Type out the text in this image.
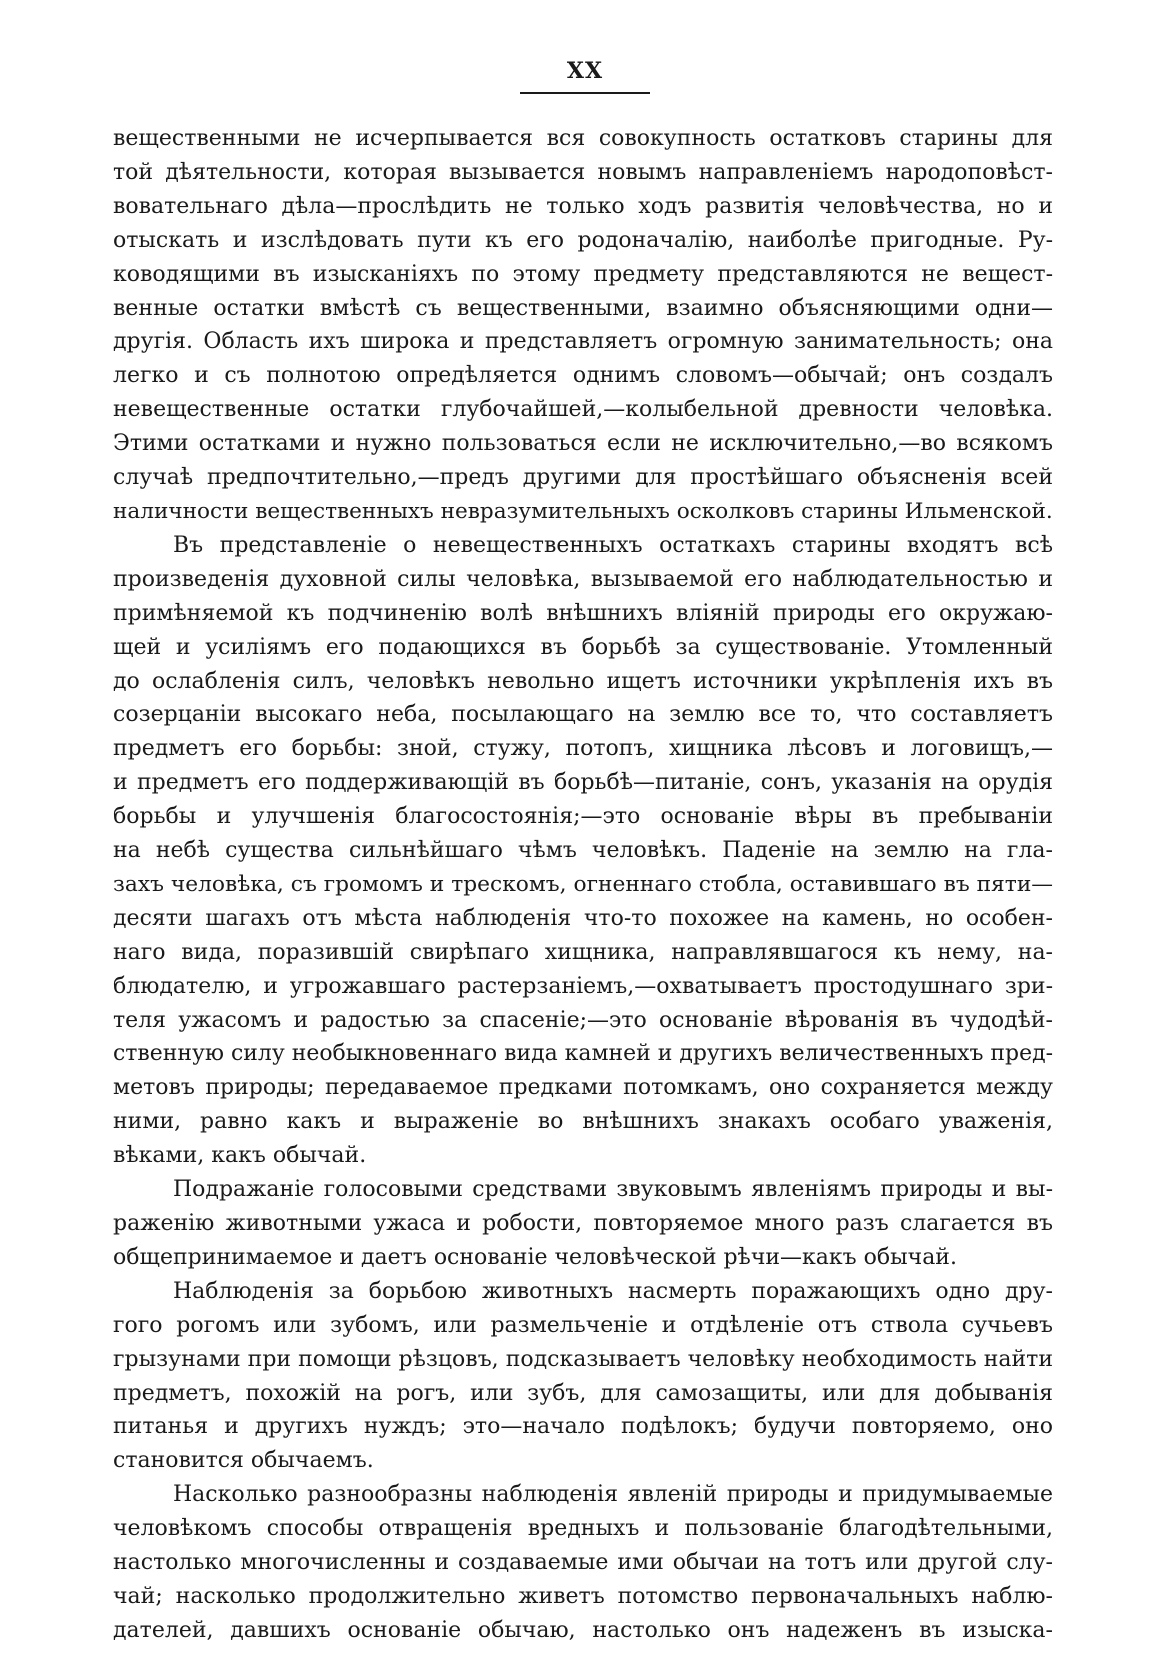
XX
вещественными не исчерпывается вся совокупность остатковъ старины для
той дѣятельности, которая вызывается новымъ направленіемъ народоповѣст-
вовательнаго дѣла—прослѣдить не только ходъ развитія человѣчества, но и
отыскать и изслѣдовать пути къ его родоначалію, наиболѣе пригодные. Ру-
ководящими въ изысканіяхъ по этому предмету представляются не вещест-
венные остатки вмѣстѣ съ вещественными, взаимно объясняющими одни—
другія. Область ихъ широка и представляетъ огромную занимательность; она
легко и съ полнотою опредѣляется однимъ словомъ—обычай; онъ создалъ
невещественные остатки глубочайшей,—колыбельной древности человѣка.
Этими остатками и нужно пользоваться если не исключительно,—во всякомъ
случаѣ предпочтительно,—предъ другими для простѣйшаго объясненія всей
наличности вещественныхъ невразумительныхъ осколковъ старины Ильменской.
Въ представленіе о невещественныхъ остаткахъ старины входятъ всѣ
произведенія духовной силы человѣка, вызываемой его наблюдательностью и
примѣняемой къ подчиненію волѣ внѣшнихъ вліяній природы его окружаю-
щей и усиліямъ его подающихся въ борьбѣ за существованіе. Утомленный
до ослабленія силъ, человѣкъ невольно ищетъ источники укрѣпленія ихъ въ
созерцаніи высокаго неба, посылающаго на землю все то, что составляетъ
предметъ его борьбы: зной, стужу, потопъ, хищника лѣсовъ и логовищъ,—
и предметъ его поддерживающій въ борьбѣ—питаніе, сонъ, указанія на орудія
борьбы и улучшенія благосостоянія;—это основаніе вѣры въ пребываніи
на небѣ существа сильнѣйшаго чѣмъ человѣкъ. Паденіе на землю на гла-
захъ человѣка, съ громомъ и трескомъ, огненнаго стобла, оставившаго въ пяти—
десяти шагахъ отъ мѣста наблюденія что-то похожее на камень, но особен-
наго вида, поразившій свирѣпаго хищника, направлявшагося къ нему, на-
блюдателю, и угрожавшаго растерзаніемъ,—охватываетъ простодушнаго зри-
теля ужасомъ и радостью за спасеніе;—это основаніе вѣрованія въ чудодѣй-
ственную силу необыкновеннаго вида камней и другихъ величественныхъ пред-
метовъ природы; передаваемое предками потомкамъ, оно сохраняется между
ними, равно какъ и выраженіе во внѣшнихъ знакахъ особаго уваженія,
вѣками, какъ обычай.
Подражаніе голосовыми средствами звуковымъ явленіямъ природы и вы-
раженію животными ужаса и робости, повторяемое много разъ слагается въ
общепринимаемое и даетъ основаніе человѣческой рѣчи—какъ обычай.
Наблюденія за борьбою животныхъ насмерть поражающихъ одно дру-
гого рогомъ или зубомъ, или размельченіе и отдѣленіе отъ ствола сучьевъ
грызунами при помощи рѣзцовъ, подсказываетъ человѣку необходимость найти
предметъ, похожій на рогъ, или зубъ, для самозащиты, или для добыванія
питанья и другихъ нуждъ; это—начало подѣлокъ; будучи повторяемо, оно
становится обычаемъ.
Насколько разнообразны наблюденія явленій природы и придумываемые
человѣкомъ способы отвращенія вредныхъ и пользованіе благодѣтельными,
настолько многочисленны и создаваемые ими обычаи на тотъ или другой слу-
чай; насколько продолжительно живетъ потомство первоначальныхъ наблю-
дателей, давшихъ основаніе обычаю, настолько онъ надеженъ въ изыска-
